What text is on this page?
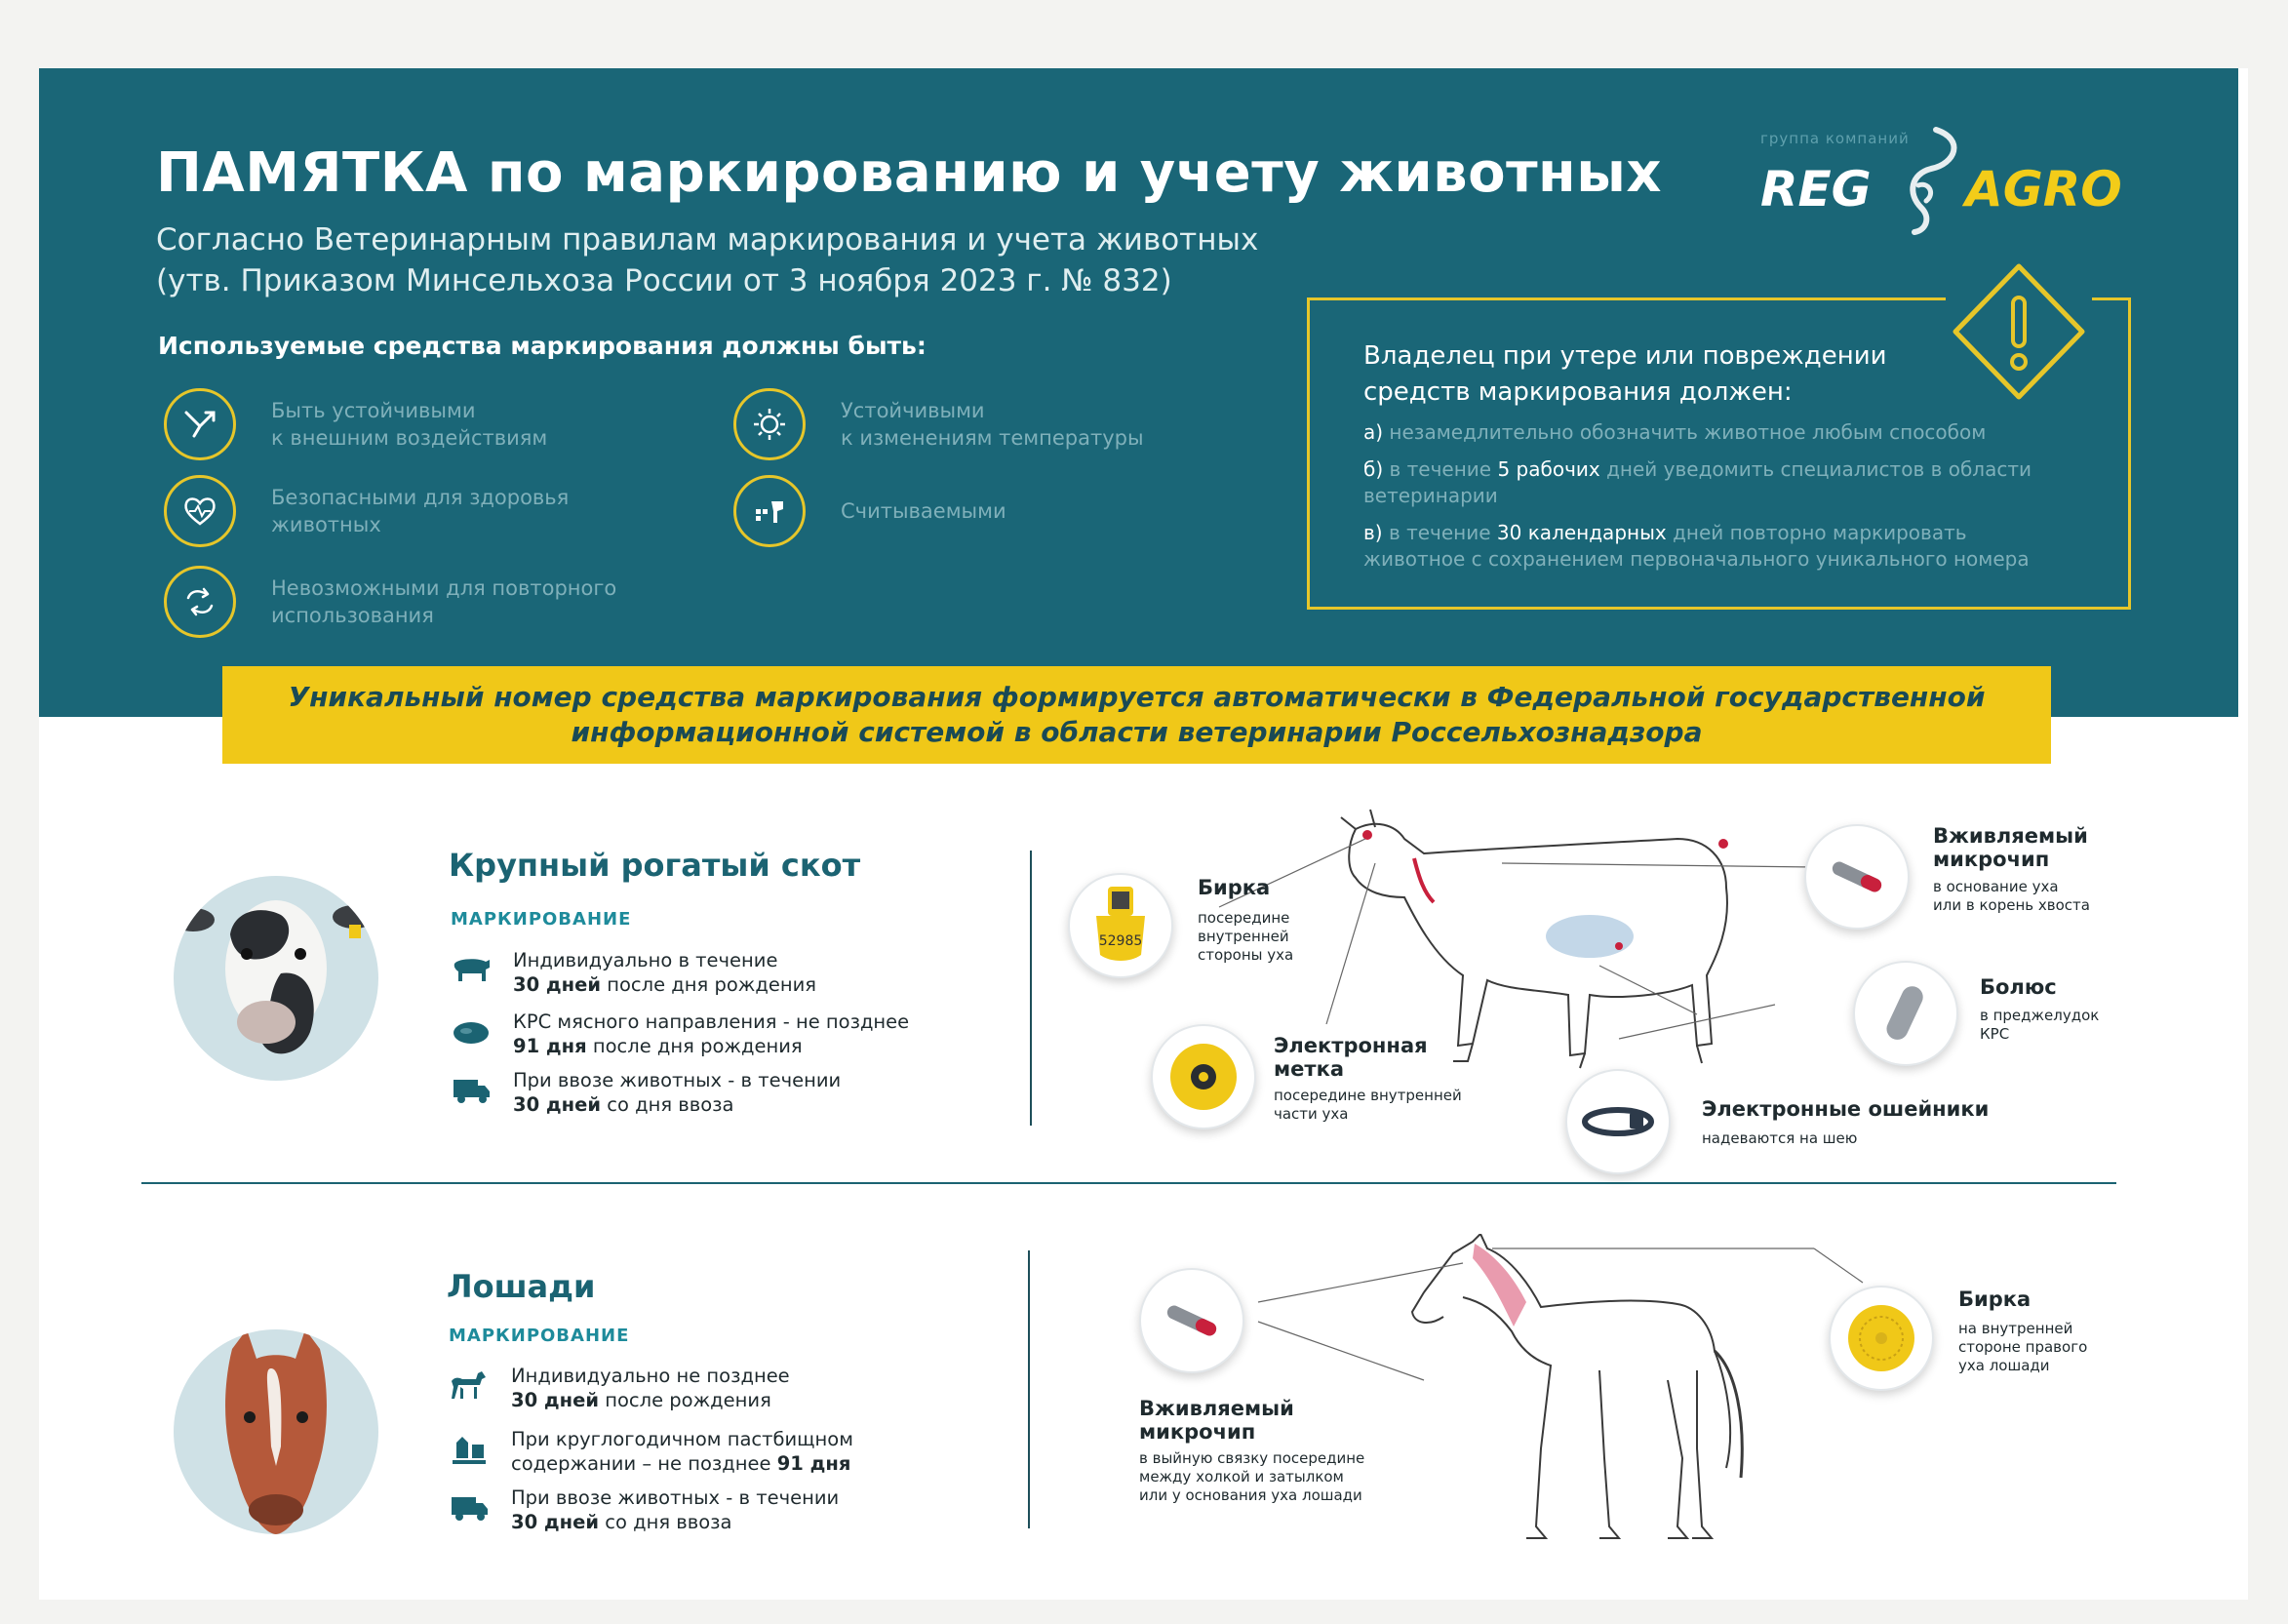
ПАМЯТКА по маркированию и учету животных
Согласно Ветеринарным правилам маркирования и учета животных
(утв. Приказом Минсельхоза России от 3 ноября 2023 г. № 832)
группа компаний
REG AGRO
Используемые средства маркирования должны быть:
Быть устойчивыми
к внешним воздействиям
Устойчивыми
к изменениям температуры
Безопасными для здоровья
животных
Считываемыми
Невозможными для повторного
использования
Владелец при утере или повреждении
средств маркирования должен:
а) незамедлительно обозначить животное любым способом
б) в течение 5 рабочих дней уведомить специалистов в области
ветеринарии
в) в течение 30 календарных дней повторно маркировать
животное с сохранением первоначального уникального номера
Уникальный номер средства маркирования формируется автоматически в Федеральной государственной
информационной системой в области ветеринарии Россельхознадзора
Крупный рогатый скот
МАРКИРОВАНИЕ
Индивидуально в течение
30 дней после дня рождения
КРС мясного направления - не позднее
91 дня после дня рождения
При ввозе животных - в течении
30 дней со дня ввоза
52985
Бирка
посередине
внутренней
стороны уха
Электронная
метка
посередине внутренней
части уха
Вживляемый
микрочип
в основание уха
или в корень хвоста
Болюс
в преджелудок
КРС
Электронные ошейники
надеваются на шею
Лошади
МАРКИРОВАНИЕ
Индивидуально не позднее
30 дней после рождения
При круглогодичном пастбищном
содержании – не позднее 91 дня
При ввозе животных - в течении
30 дней со дня ввоза
Вживляемый
микрочип
в выйную связку посередине
между холкой и затылком
или у основания уха лошади
Бирка
на внутренней
стороне правого
уха лошади
